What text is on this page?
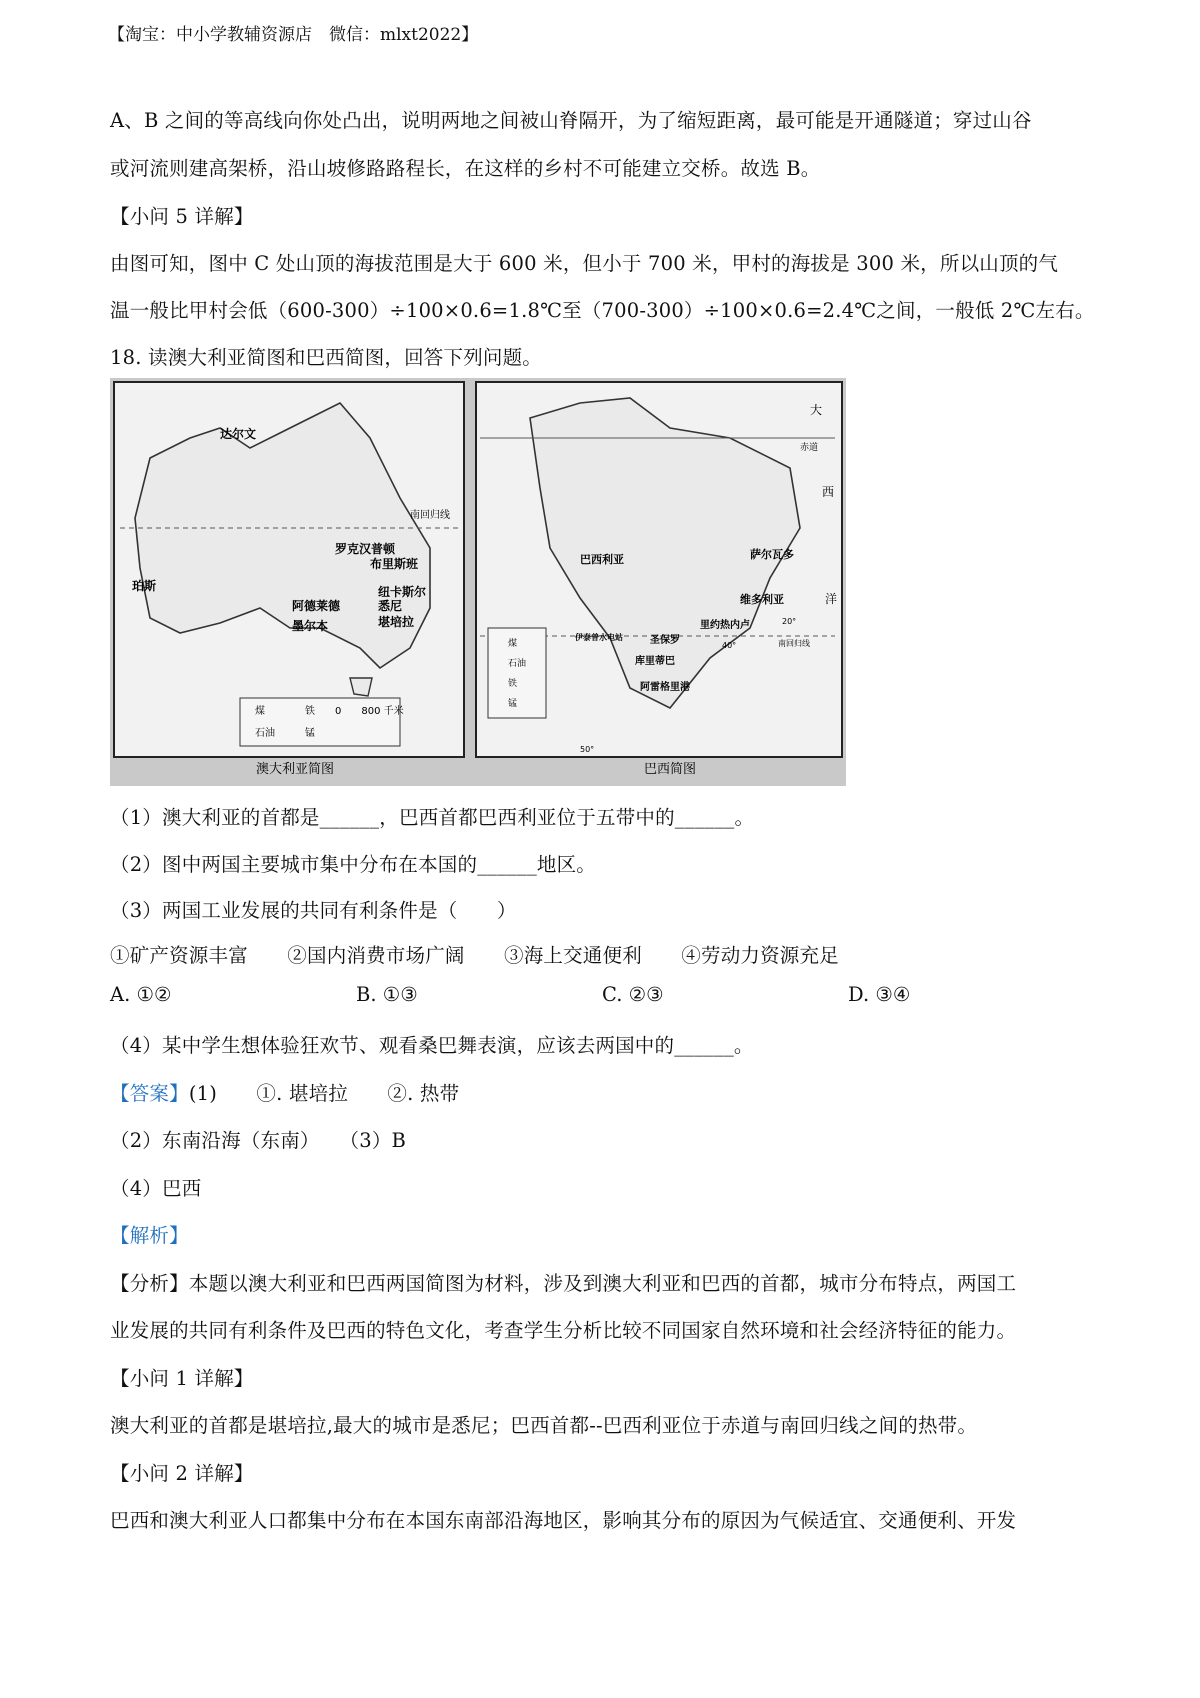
【淘宝：中小学教辅资源店　微信：mlxt2022】
A、B 之间的等高线向你处凸出，说明两地之间被山脊隔开，为了缩短距离，最可能是开通隧道；穿过山谷
或河流则建高架桥，沿山坡修路路程长，在这样的乡村不可能建立交桥。故选 B。
【小问 5 详解】
由图可知，图中 C 处山顶的海拔范围是大于 600 米，但小于 700 米，甲村的海拔是 300 米，所以山顶的气
温一般比甲村会低（600-300）÷100×0.6=1.8℃至（700-300）÷100×0.6=2.4℃之间，一般低 2℃左右。
18. 读澳大利亚简图和巴西简图，回答下列问题。
澳大利亚简图
达尔文
罗克汉普顿
南回归线
布里斯班
珀斯	纽卡斯尔
阿德莱德	悉尼
墨尔本	堪培拉
煤	铁
石油	锰
0　　800 千米
巴西简图
大
赤道
西
巴西利亚	萨尔瓦多
维多利亚	洋
里约热内卢
圣保罗
伊泰普水电站
库里蒂巴
阿雷格里港
南回归线
20°
40°
50°
煤
石油
铁
锰
（1）澳大利亚的首都是______，巴西首都巴西利亚位于五带中的______。
（2）图中两国主要城市集中分布在本国的______地区。
（3）两国工业发展的共同有利条件是（　　）
①矿产资源丰富　　②国内消费市场广阔　　③海上交通便利　　④劳动力资源充足
A. ①②	B. ①③	C. ②③	D. ③④
（4）某中学生想体验狂欢节、观看桑巴舞表演，应该去两国中的______。
【答案】(1)　　①. 堪培拉　　②. 热带
（2）东南沿海（东南）　　（3）B
（4）巴西
【解析】
【分析】本题以澳大利亚和巴西两国简图为材料，涉及到澳大利亚和巴西的首都，城市分布特点，两国工
业发展的共同有利条件及巴西的特色文化，考查学生分析比较不同国家自然环境和社会经济特征的能力。
【小问 1 详解】
澳大利亚的首都是堪培拉,最大的城市是悉尼；巴西首都--巴西利亚位于赤道与南回归线之间的热带。
【小问 2 详解】
巴西和澳大利亚人口都集中分布在本国东南部沿海地区，影响其分布的原因为气候适宜、交通便利、开发
